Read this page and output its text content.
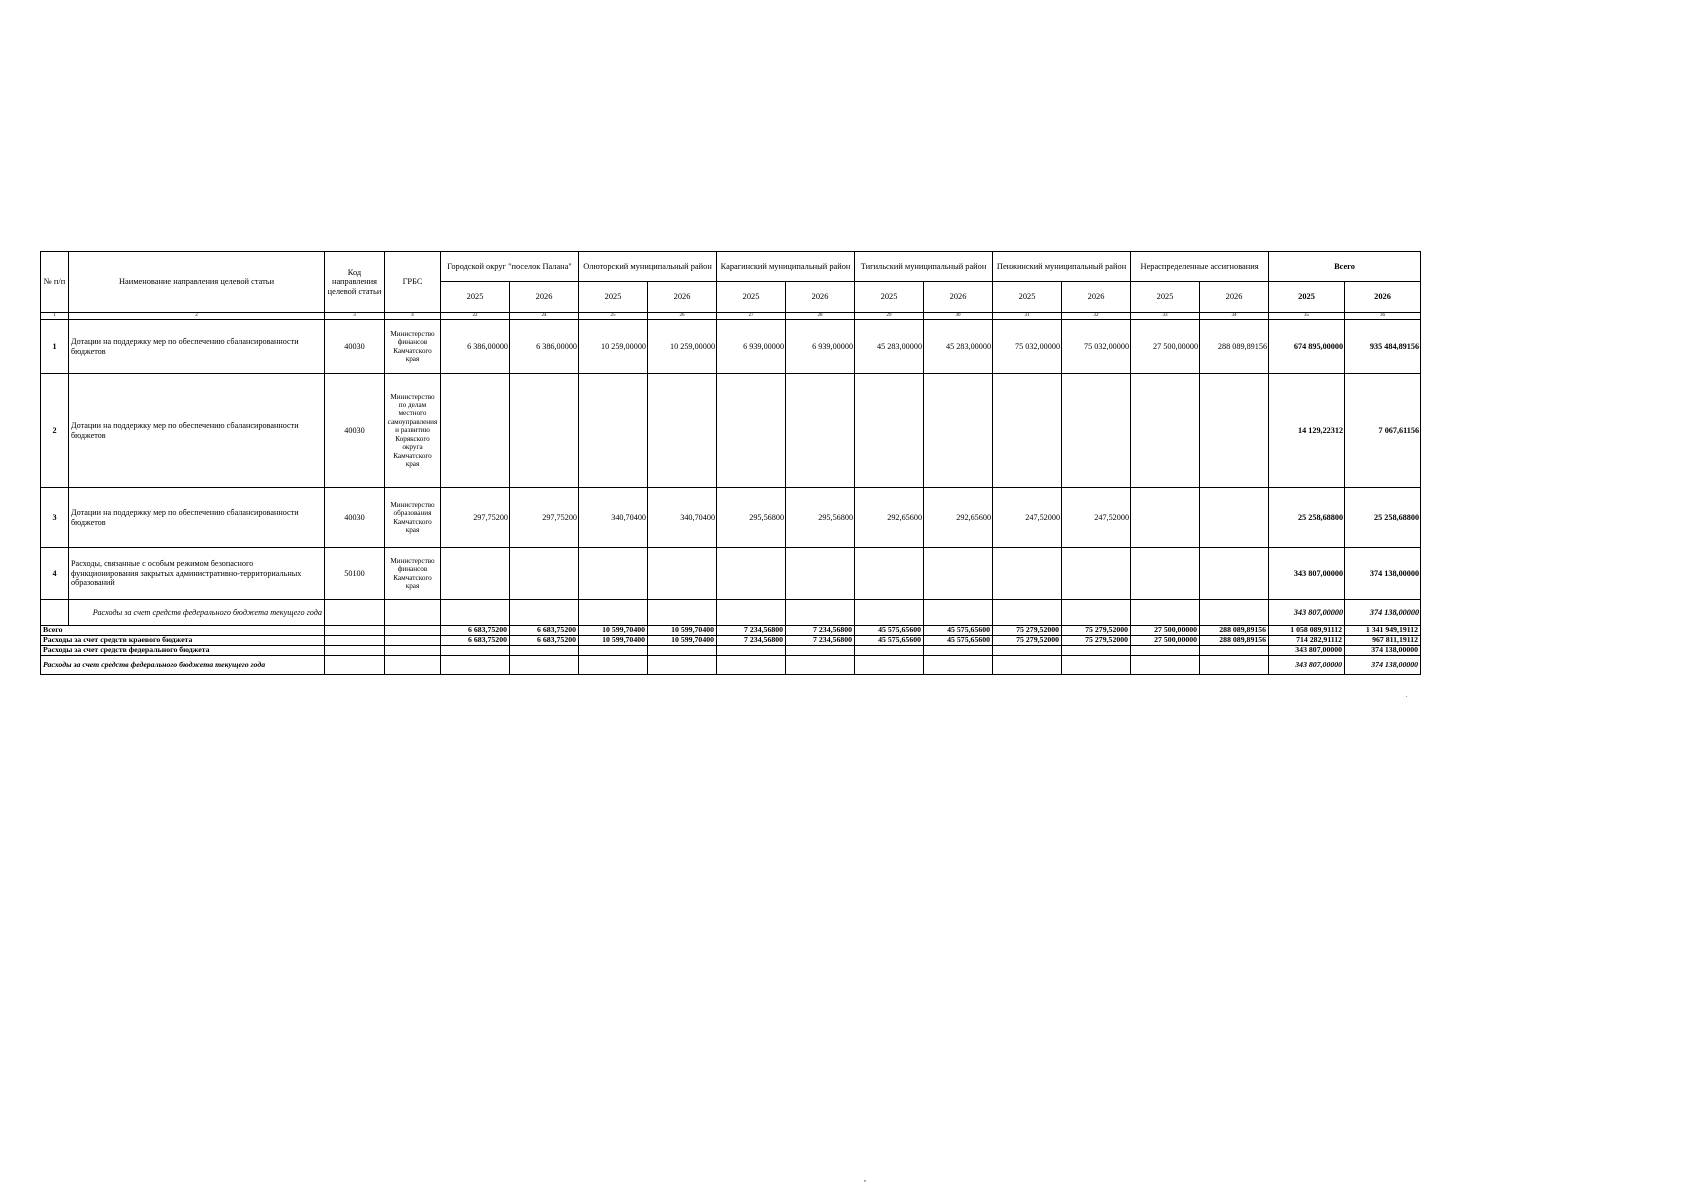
№ п/п	Наименование направления целевой статьи	Код направления целевой статьи	ГРБС	Городской округ "поселок Палана"		Олюторский муниципальный район		Карагинский муниципальный район		Тигильский муниципальный район		Пенжинский муниципальный район		Нераспределенные ассигнования		Всего	
				2025	2026	2025	2026	2025	2026	2025	2026	2025	2026	2025	2026	2025	2026
1	2	3	4	22	24	25	26	27	28	29	30	31	32	33	34	35	36
1	Дотации на поддержку мер по обеспечению сбалансированности бюджетов	40030	Министерство финансов Камчатского края	6 386,00000	6 386,00000	10 259,00000	10 259,00000	6 939,00000	6 939,00000	45 283,00000	45 283,00000	75 032,00000	75 032,00000	27 500,00000	288 089,89156	674 895,00000	935 484,89156
2	Дотации на поддержку мер по обеспечению сбалансированности бюджетов	40030	Министерство по делам местного самоуправления и развитию Корякского округа Камчатского края													14 129,22312	7 067,61156
3	Дотации на поддержку мер по обеспечению сбалансированности бюджетов	40030	Министерство образования Камчатского края	297,75200	297,75200	340,70400	340,70400	295,56800	295,56800	292,65600	292,65600	247,52000	247,52000			25 258,68800	25 258,68800
4	Расходы, связанные с особым режимом безопасного функционирования закрытых административно-территориальных образований	50100	Министерство финансов Камчатского края													343 807,00000	374 138,00000
	Расходы за счет средств федерального бюджета текущего года															343 807,00000	374 138,00000
Всего				6 683,75200	6 683,75200	10 599,70400	10 599,70400	7 234,56800	7 234,56800	45 575,65600	45 575,65600	75 279,52000	75 279,52000	27 500,00000	288 089,89156	1 058 089,91112	1 341 949,19112
Расходы за счет средств краевого бюджета				6 683,75200	6 683,75200	10 599,70400	10 599,70400	7 234,56800	7 234,56800	45 575,65600	45 575,65600	75 279,52000	75 279,52000	27 500,00000	288 089,89156	714 282,91112	967 811,19112
Расходы за счет средств федерального бюджета																343 807,00000	374 138,00000
Расходы за счет средств федерального бюджета текущего года																343 807,00000	374 138,00000
.
,
